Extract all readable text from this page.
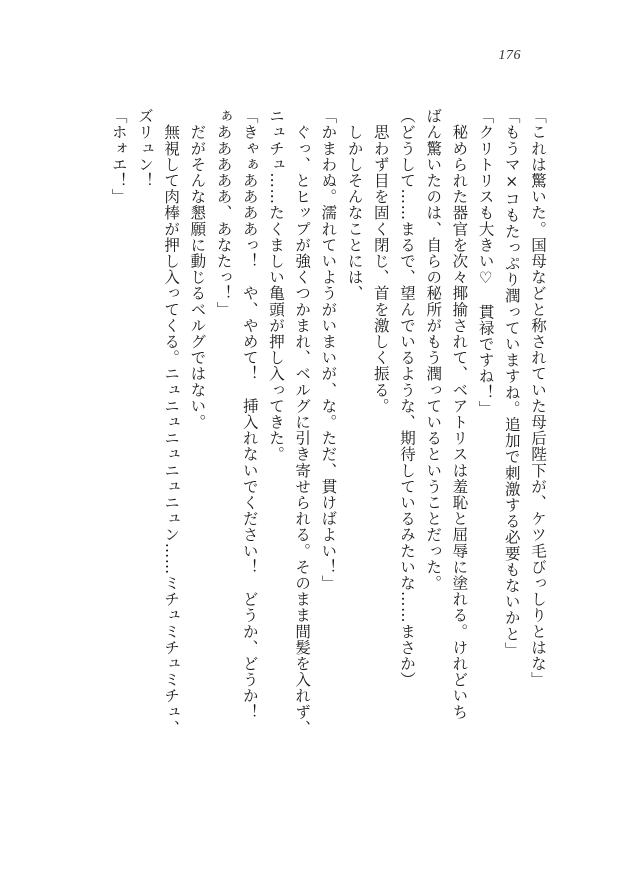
176

「これは驚いた。国母などと称されていた母后陛下が、ケツ毛びっしりとはな」

「もうマ×コもたっぷり潤っていますね。追加で刺激する必要もないかと」

「クリトリスも大きい♡　貫禄ですね！」

　秘められた器官を次々揶揄されて、ベアトリスは羞恥と屈辱に塗れる。けれどいち

ばん驚いたのは、自らの秘所がもう潤っているということだった。

（どうして……まるで、望んでいるような、期待しているみたいな……まさか）

　思わず目を固く閉じ、首を激しく振る。

　しかしそんなことには、

「かまわぬ。濡れていようがいまいが、な。ただ、貫けばよい！」

　ぐっ、とヒップが強くつかまれ、ベルグに引き寄せられる。そのまま間髪を入れず、

ニュチュ……たくましい亀頭が押し入ってきた。

「きゃぁああああっ！　や、やめて！　挿入れないでください！　どうか、どうか！

ぁあああああ、あなたっ！」

　だがそんな懇願に動じるベルグではない。

　無視して肉棒が押し入ってくる。ニュニュニュニュニュン……ミチュミチュミチュ、

ズリュン！

「ホォエ！」
